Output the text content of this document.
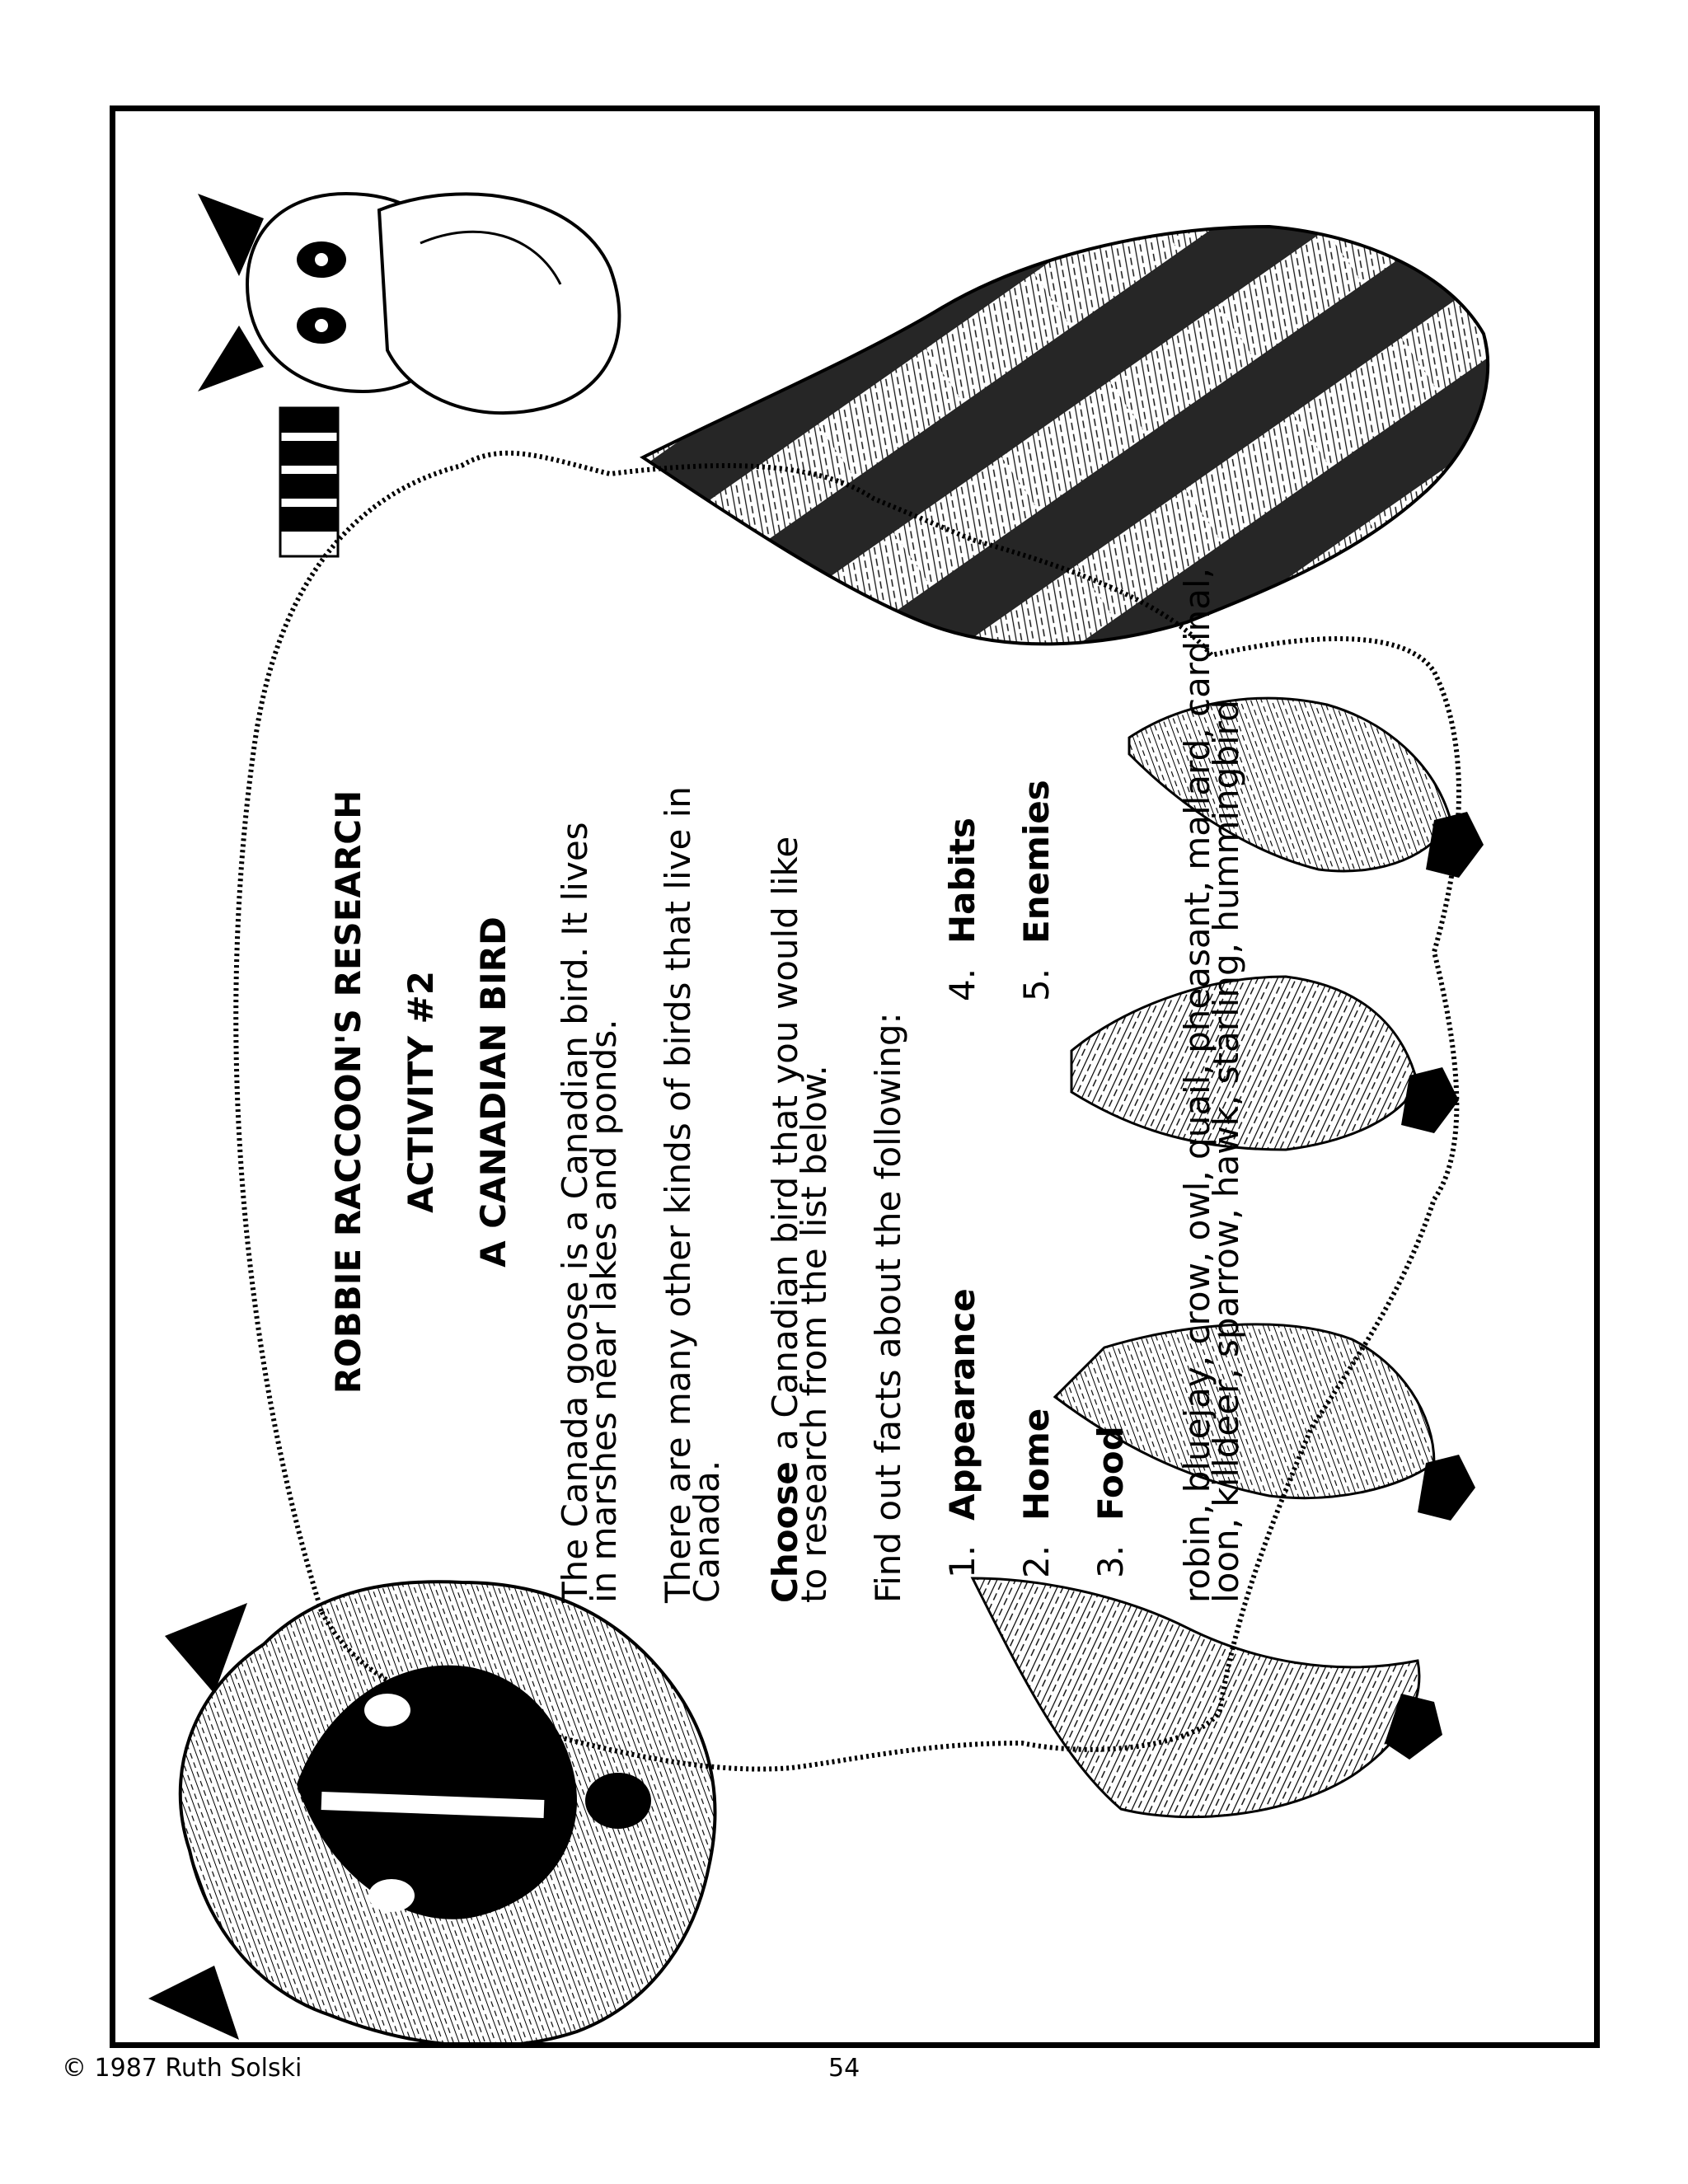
ROBBIE RACCOON'S RESEARCH ACTIVITY #2 A CANADIAN BIRD The Canada goose is a Canadian bird. It lives
in marshes near lakes and ponds. There are many other kinds of birds that live in
Canada. Choose a Canadian bird that you would like
to research from the list below. Find out facts about the following: 1.Appearance
2.Home
3.Food
4.Habits
5.Enemies	robin, bluejay, crow, owl, quail, pheasant, mallard, cardinal,
loon, killdeer, sparrow, hawk, starling, hummingbird
© 1987 Ruth Solski	54
